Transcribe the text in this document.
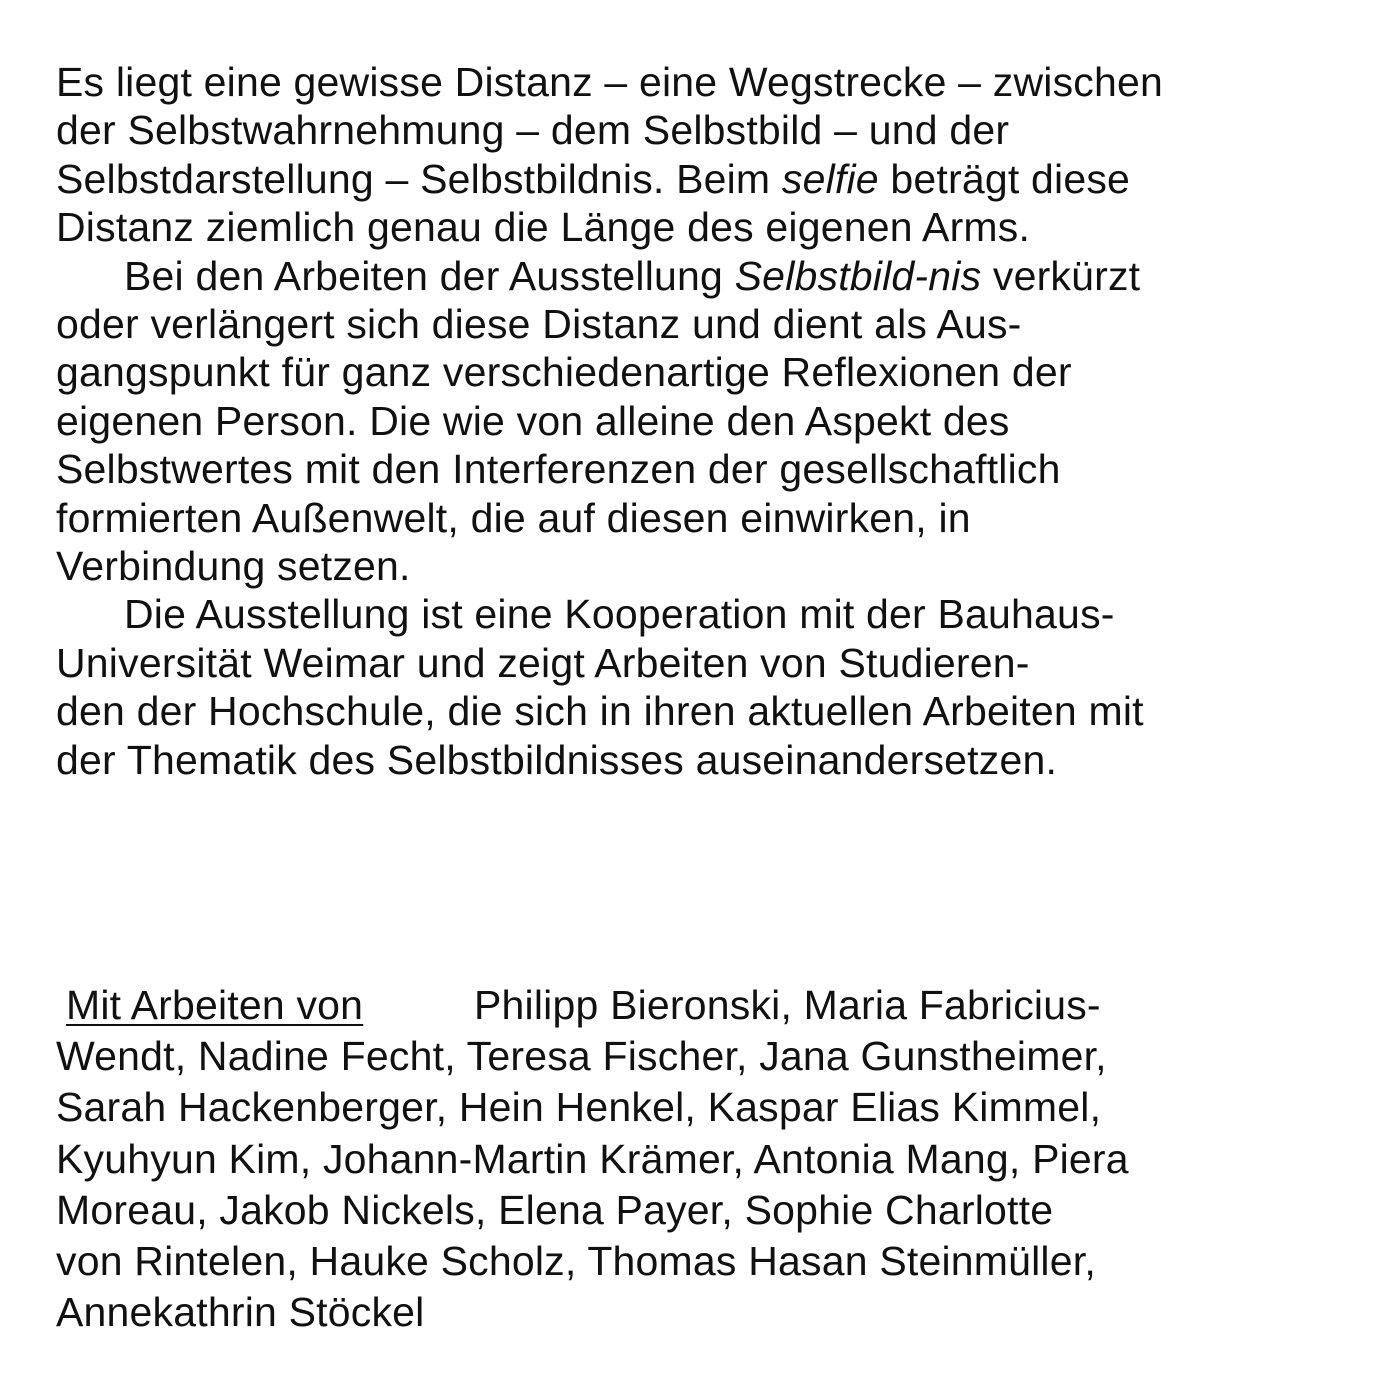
Es liegt eine gewisse Distanz – eine Wegstrecke – zwischen
der Selbstwahrnehmung – dem Selbstbild – und der
Selbstdarstellung – Selbstbildnis. Beim selfie beträgt diese
Distanz ziemlich genau die Länge des eigenen Arms.
Bei den Arbeiten der Ausstellung Selbstbild-nis verkürzt
oder verlängert sich diese Distanz und dient als Aus-
gangspunkt für ganz verschiedenartige Reflexionen der
eigenen Person. Die wie von alleine den Aspekt des
Selbstwertes mit den Interferenzen der gesellschaftlich
formierten Außenwelt, die auf diesen einwirken, in
Verbindung setzen.
Die Ausstellung ist eine Kooperation mit der Bauhaus-
Universität Weimar und zeigt Arbeiten von Studieren-
den der Hochschule, die sich in ihren aktuellen Arbeiten mit
der Thematik des Selbstbildnisses auseinandersetzen.
Mit Arbeiten von	Philipp Bieronski, Maria Fabricius-
Wendt, Nadine Fecht, Teresa Fischer, Jana Gunstheimer,
Sarah Hackenberger, Hein Henkel, Kaspar Elias Kimmel,
Kyuhyun Kim, Johann-Martin Krämer, Antonia Mang, Piera
Moreau, Jakob Nickels, Elena Payer, Sophie Charlotte
von Rintelen, Hauke Scholz, Thomas Hasan Steinmüller,
Annekathrin Stöckel
